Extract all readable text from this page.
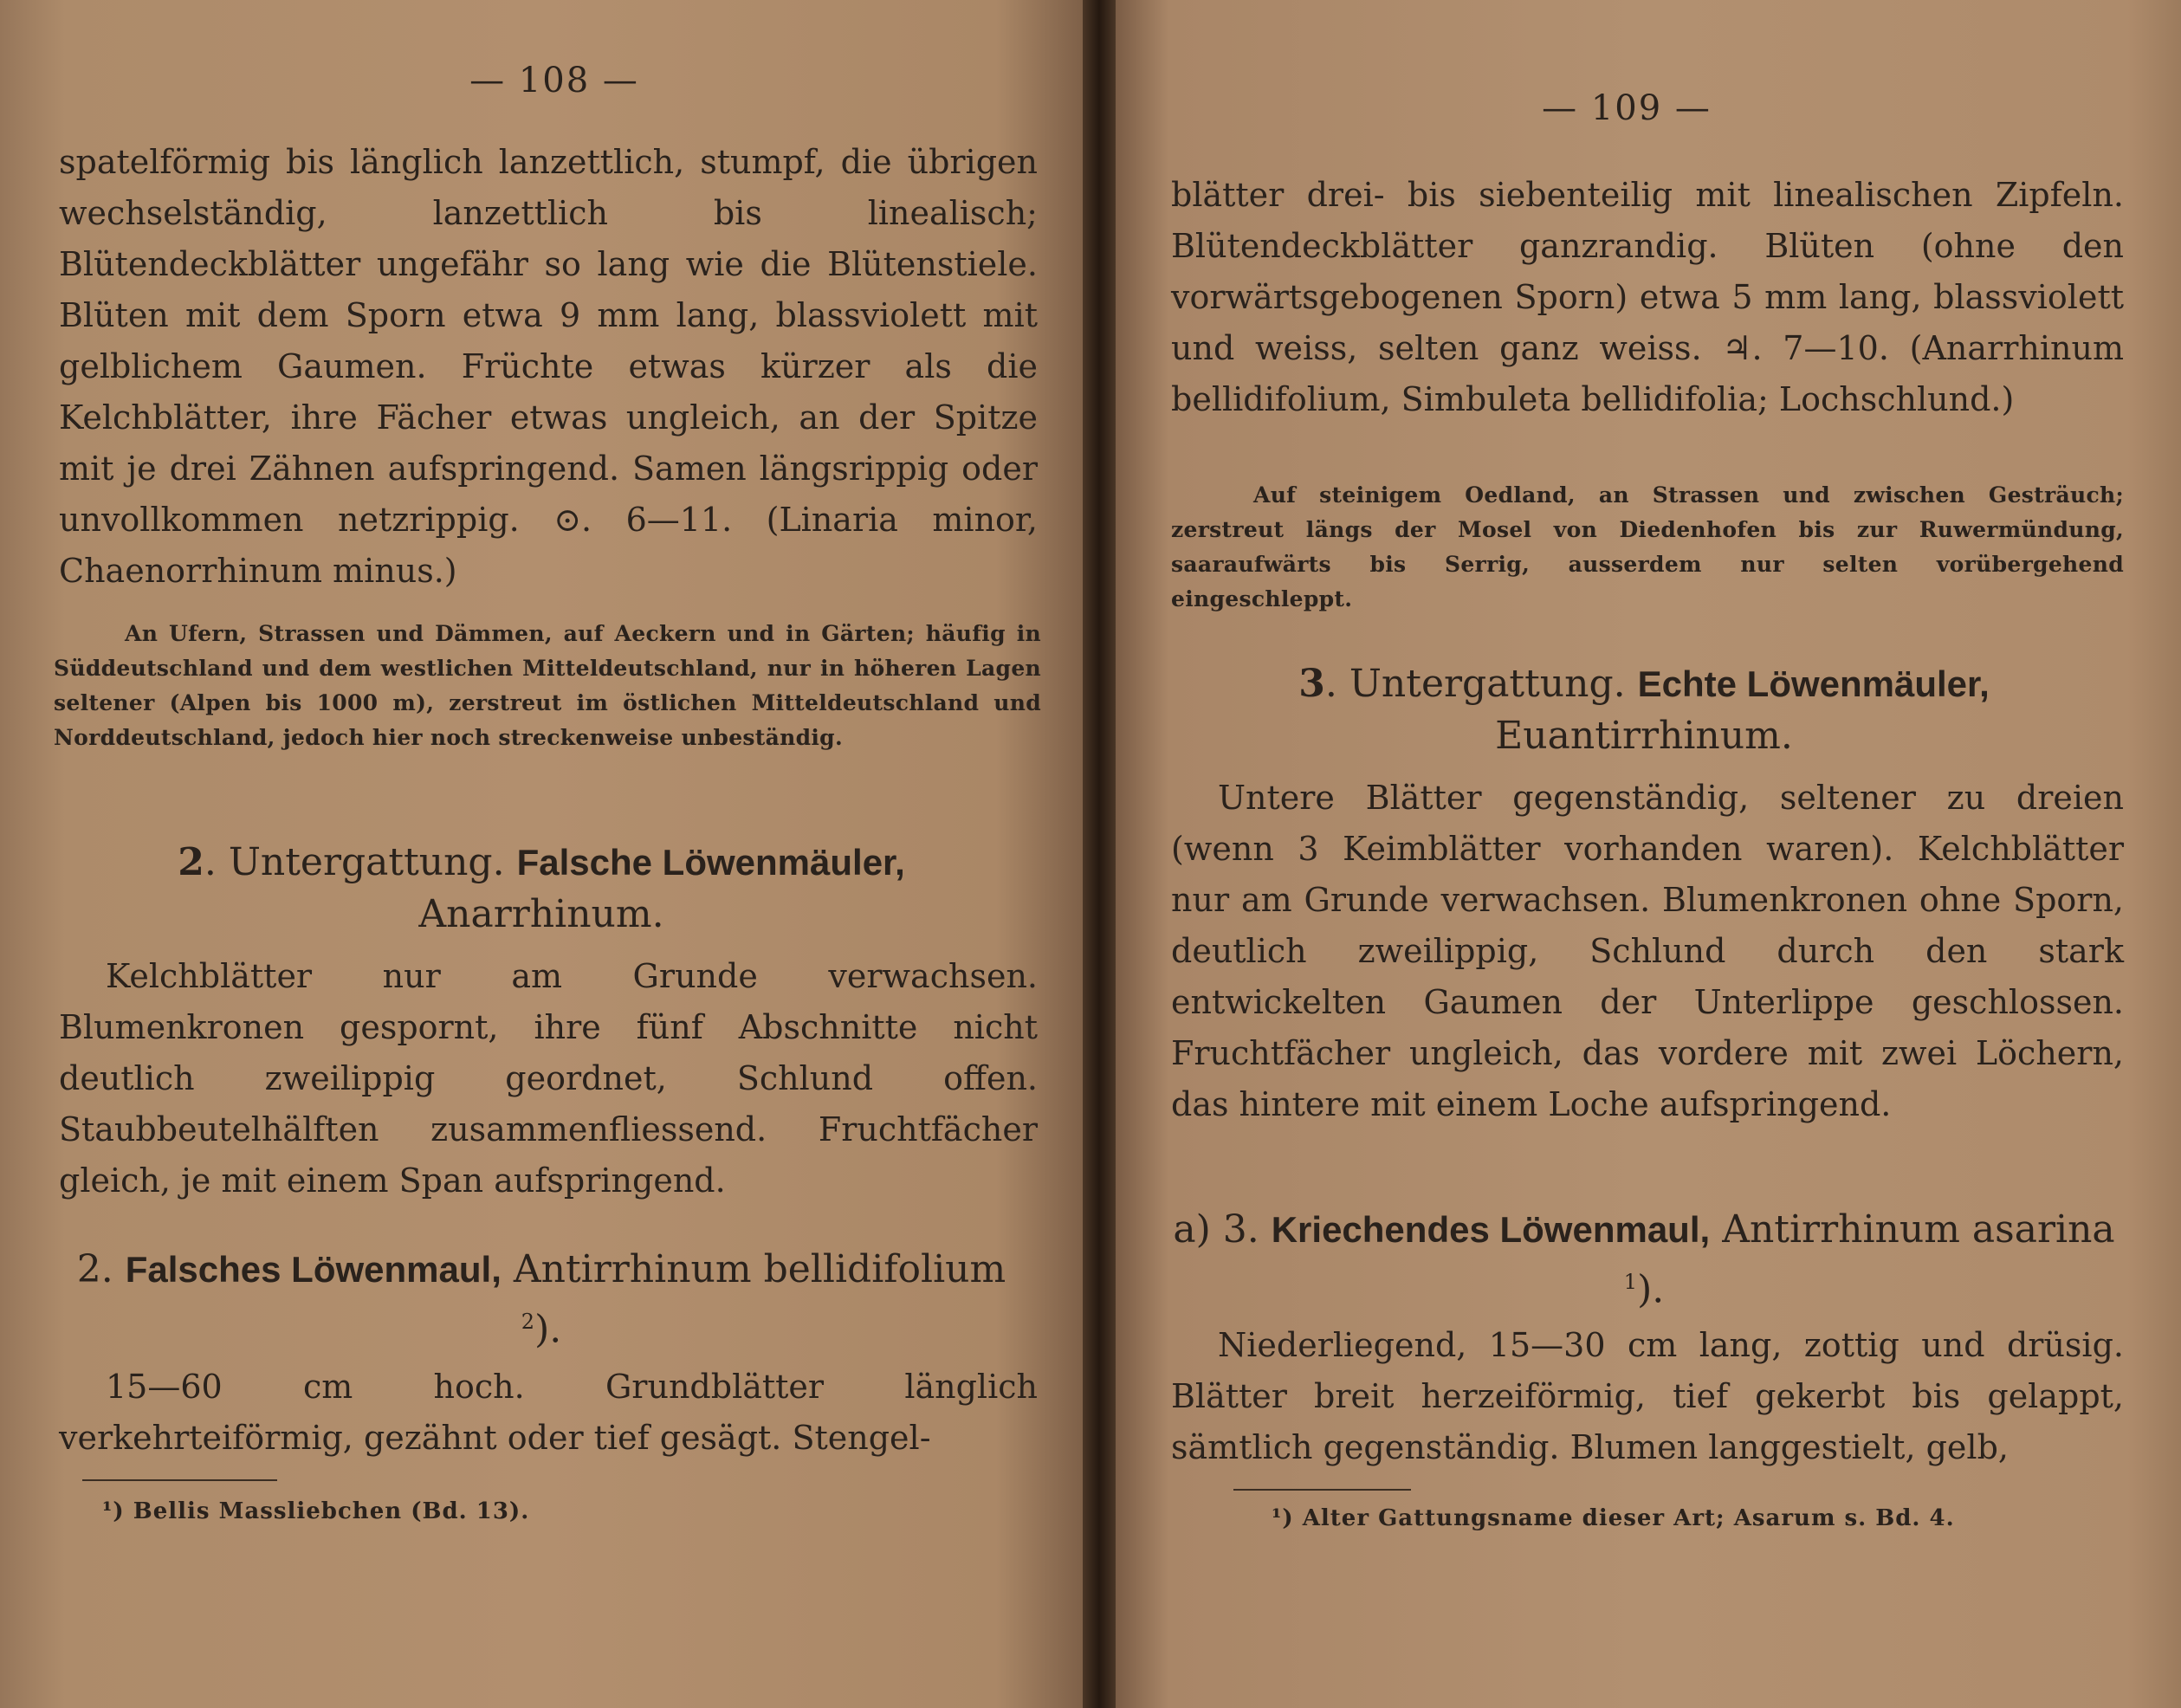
— 108 —
spatelförmig bis länglich lanzettlich, stumpf, die übrigen wechselständig, lanzettlich bis linealisch; Blütendeckblätter ungefähr so lang wie die Blütenstiele. Blüten mit dem Sporn etwa 9 mm lang, blassviolett mit gelblichem Gaumen. Früchte etwas kürzer als die Kelchblätter, ihre Fächer etwas ungleich, an der Spitze mit je drei Zähnen aufspringend. Samen längsrippig oder unvollkommen netzrippig. ⊙. 6—11. (Linaria minor, Chaenorrhinum minus.)
An Ufern, Strassen und Dämmen, auf Aeckern und in Gärten; häufig in Süddeutschland und dem westlichen Mitteldeutschland, nur in höheren Lagen seltener (Alpen bis 1000 m), zerstreut im östlichen Mitteldeutschland und Norddeutschland, jedoch hier noch streckenweise unbeständig.
2. Untergattung. Falsche Löwenmäuler,
Anarrhinum.
Kelchblätter nur am Grunde verwachsen. Blumenkronen gespornt, ihre fünf Abschnitte nicht deutlich zweilippig geordnet, Schlund offen. Staubbeutelhälften zusammenfliessend. Fruchtfächer gleich, je mit einem Span aufspringend.
2. Falsches Löwenmaul, Antirrhinum bellidifolium $^2$).
15—60 cm hoch. Grundblätter länglich verkehrteiförmig, gezähnt oder tief gesägt. Stengel-
¹) Bellis Massliebchen (Bd. 13).
— 109 —
blätter drei- bis siebenteilig mit linealischen Zipfeln. Blütendeckblätter ganzrandig. Blüten (ohne den vorwärtsgebogenen Sporn) etwa 5 mm lang, blassviolett und weiss, selten ganz weiss. ♃. 7—10. (Anarrhinum bellidifolium, Simbuleta bellidifolia; Lochschlund.)
Auf steinigem Oedland, an Strassen und zwischen Gesträuch; zerstreut längs der Mosel von Diedenhofen bis zur Ruwermündung, saaraufwärts bis Serrig, ausserdem nur selten vorübergehend eingeschleppt.
3. Untergattung. Echte Löwenmäuler, Euantirrhinum.
Untere Blätter gegenständig, seltener zu dreien (wenn 3 Keimblätter vorhanden waren). Kelchblätter nur am Grunde verwachsen. Blumenkronen ohne Sporn, deutlich zweilippig, Schlund durch den stark entwickelten Gaumen der Unterlippe geschlossen. Fruchtfächer ungleich, das vordere mit zwei Löchern, das hintere mit einem Loche aufspringend.
a) 3. Kriechendes Löwenmaul, Antirrhinum asarina $^1$).
Niederliegend, 15—30 cm lang, zottig und drüsig. Blätter breit herzeiförmig, tief gekerbt bis gelappt, sämtlich gegenständig. Blumen langgestielt, gelb,
¹) Alter Gattungsname dieser Art; Asarum s. Bd. 4.
